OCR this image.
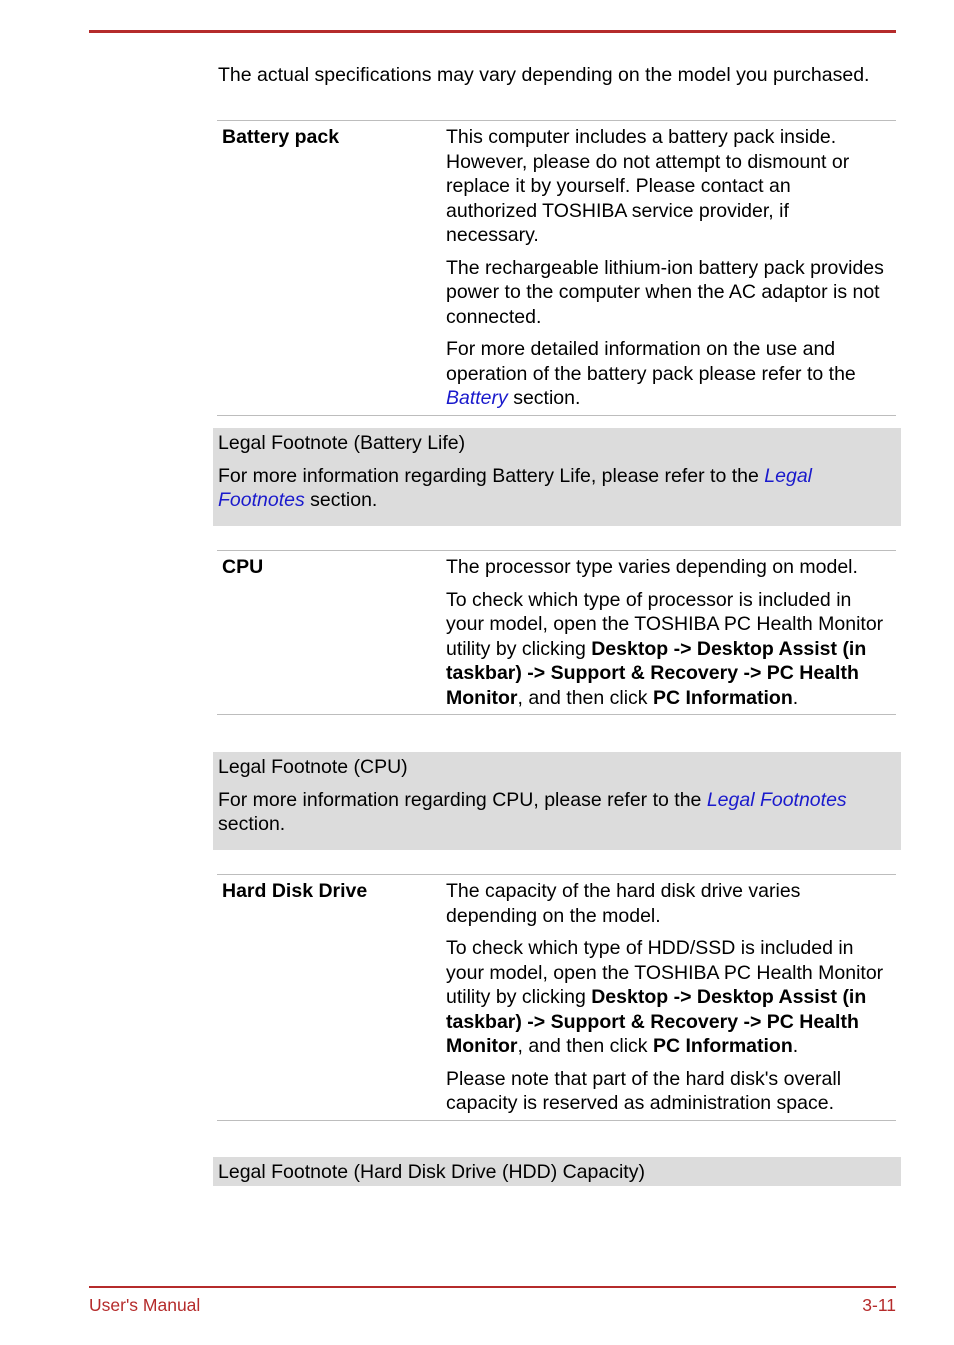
The actual specifications may vary depending on the model you purchased.
Battery pack	This computer includes a battery pack inside. However, please do not attempt to dismount or replace it by yourself. Please contact an authorized TOSHIBA service provider, if necessary.

The rechargeable lithium-ion battery pack provides power to the computer when the AC adaptor is not connected.

For more detailed information on the use and operation of the battery pack please refer to the Battery section.

Legal Footnote (Battery Life)

For more information regarding Battery Life, please refer to the Legal Footnotes section.

CPU	The processor type varies depending on model.

To check which type of processor is included in your model, open the TOSHIBA PC Health Monitor utility by clicking Desktop -> Desktop Assist (in taskbar) -> Support & Recovery -> PC Health Monitor, and then click PC Information.

Legal Footnote (CPU)

For more information regarding CPU, please refer to the Legal Footnotes section.

Hard Disk Drive	The capacity of the hard disk drive varies depending on the model.

To check which type of HDD/SSD is included in your model, open the TOSHIBA PC Health Monitor utility by clicking Desktop -> Desktop Assist (in taskbar) -> Support & Recovery -> PC Health Monitor, and then click PC Information.

Please note that part of the hard disk's overall capacity is reserved as administration space.

Legal Footnote (Hard Disk Drive (HDD) Capacity)

User's Manual	3-11
